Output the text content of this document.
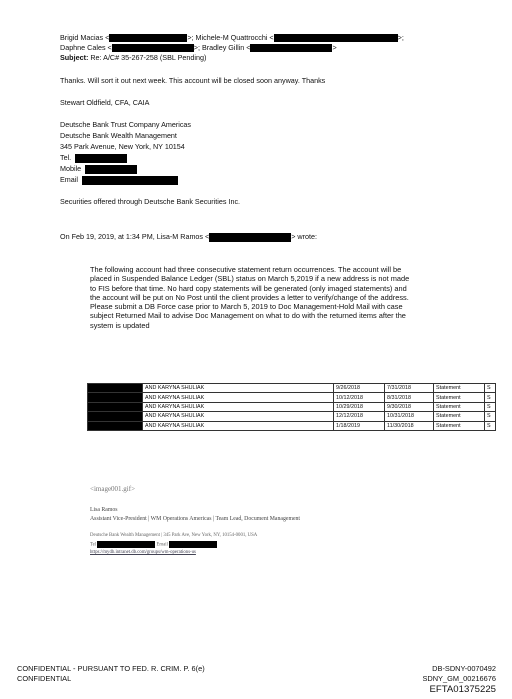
Brigid Macias <	>; Michele-M Quattrocchi <	>;
Daphne Cales <	>; Bradley Gillin <	>
Subject: Re: A/C# 35-267-258 (SBL Pending)
Thanks. Will sort it out next week. This account will be closed soon anyway. Thanks
Stewart Oldfield, CFA, CAIA
Deutsche Bank Trust Company Americas
Deutsche Bank Wealth Management
345 Park Avenue, New York, NY 10154
Tel.
Mobile
Email
Securities offered through Deutsche Bank Securities Inc.
On Feb 19, 2019, at 1:34 PM, Lisa-M Ramos <	> wrote:
The following account had three consecutive statement return occurrences. The account will be placed in Suspended Balance Ledger (SBL) status on March 5,2019 if a new address is not made to FIS before that time. No hard copy statements will be generated (only imaged statements) and the account will be put on No Post until the client provides a letter to verify/change of the address. Please submit a DB Force case prior to March 5, 2019 to Doc Management-Hold Mail with case subject Returned Mail to advise Doc Management on what to do with the returned items after the system is updated
	AND KARYNA SHULIAK	9/26/2018	7/31/2018	Statement	S
	AND KARYNA SHULIAK	10/12/2018	8/31/2018	Statement	S
	AND KARYNA SHULIAK	10/29/2018	9/30/2018	Statement	S
	AND KARYNA SHULIAK	12/12/2018	10/31/2018	Statement	S
	AND KARYNA SHULIAK	1/18/2019	11/30/2018	Statement	S
<image001.gif>
Lisa Ramos
Assistant Vice-President | WM Operations Americas | Team Lead, Document Management
Deutsche Bank Wealth Management | 345 Park Ave, New York, NY, 10154-0001, USA
Tel	Email
https://mydb.intranet.db.com/groups/wm-operations-us
CONFIDENTIAL - PURSUANT TO FED. R. CRIM. P. 6(e)
CONFIDENTIAL
DB-SDNY-0070492
SDNY_GM_00216676
EFTA01375225
